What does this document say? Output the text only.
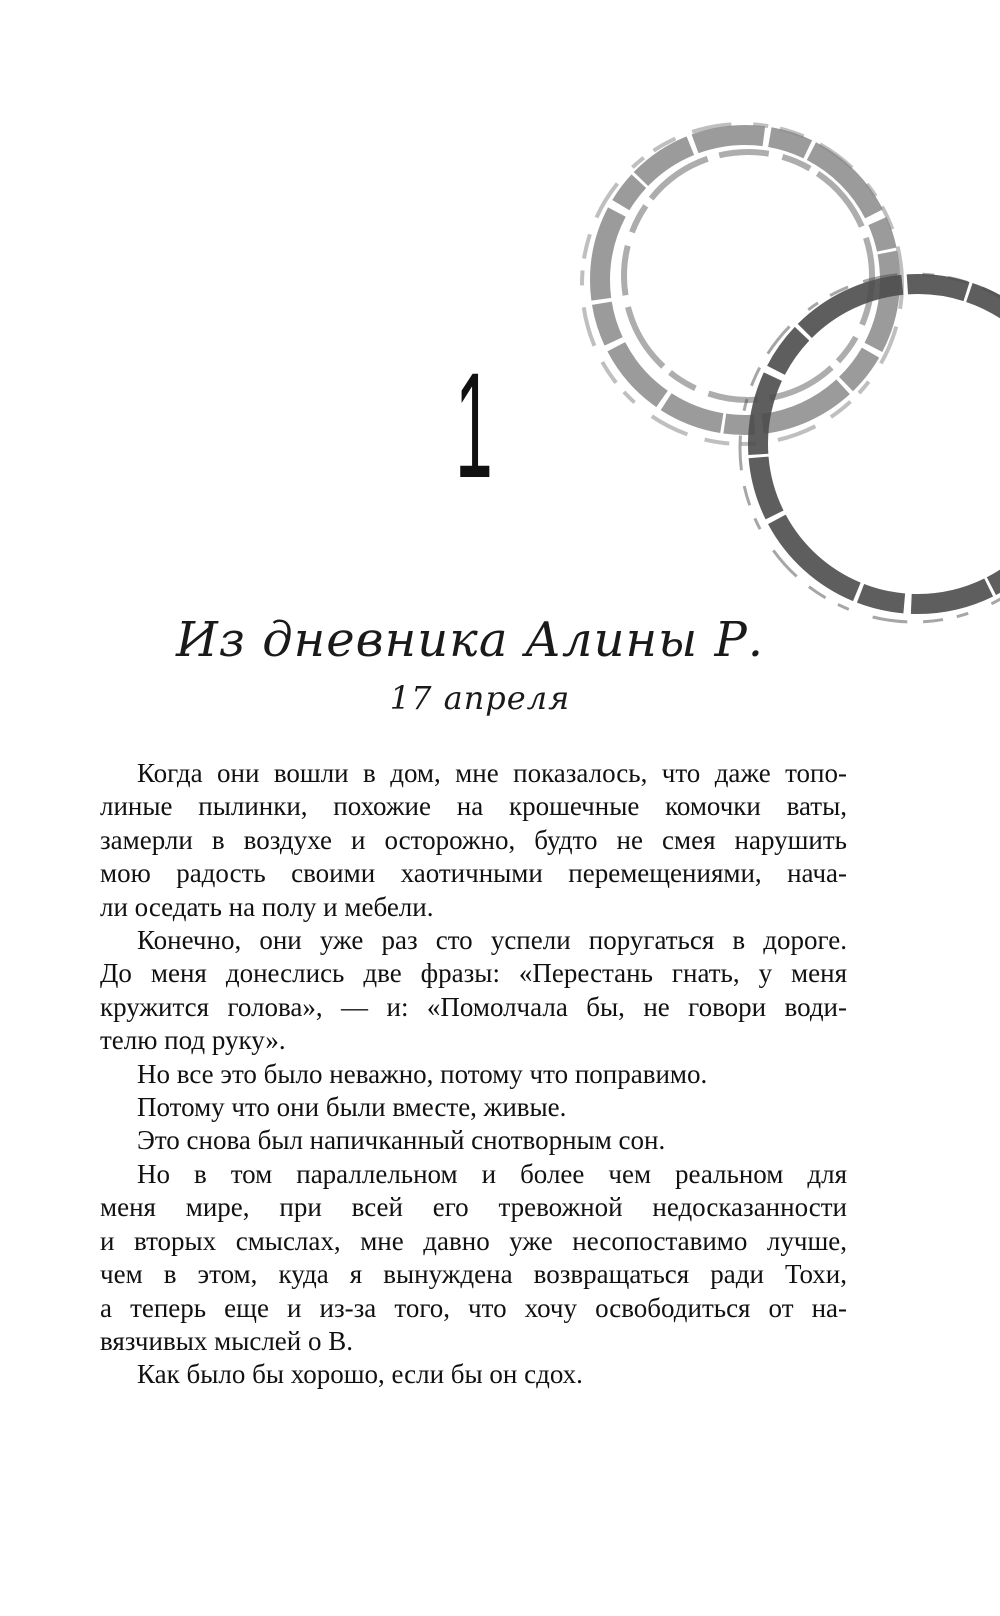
1
Из дневника Алины Р.
17 апреля
Когда они вошли в дом, мне показалось, что даже топо-
линые пылинки, похожие на крошечные комочки ваты,
замерли в воздухе и осторожно, будто не смея нарушить
мою радость своими хаотичными перемещениями, нача-
ли оседать на полу и мебели.
Конечно, они уже раз сто успели поругаться в дороге.
До меня донеслись две фразы: «Перестань гнать, у меня
кружится голова», — и: «Помолчала бы, не говори води-
телю под руку».
Но все это было неважно, потому что поправимо.
Потому что они были вместе, живые.
Это снова был напичканный снотворным сон.
Но в том параллельном и более чем реальном для
меня мире, при всей его тревожной недосказанности
и вторых смыслах, мне давно уже несопоставимо лучше,
чем в этом, куда я вынуждена возвращаться ради Тохи,
а теперь еще и из-за того, что хочу освободиться от на-
вязчивых мыслей о В.
Как было бы хорошо, если бы он сдох.
